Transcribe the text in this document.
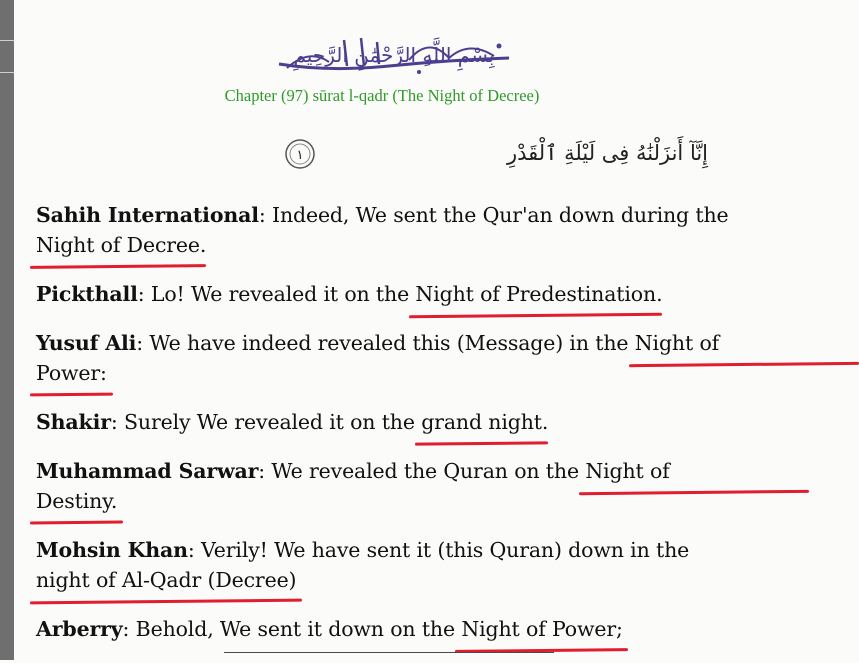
بِسْمِ اللَّهِ الرَّحْمَٰنِ الرَّحِيمِ
Chapter (97) sūrat l-qadr (The Night of Decree)
إِنَّآ أَنزَلْنَٰهُ فِى لَيْلَةِ ٱلْقَدْرِ
١
Sahih International: Indeed, We sent the Qur'an down during the
Night of Decree.
Pickthall: Lo! We revealed it on the Night of Predestination.
Yusuf Ali: We have indeed revealed this (Message) in the Night of
Power:
Shakir: Surely We revealed it on the grand night.
Muhammad Sarwar: We revealed the Quran on the Night of
Destiny.
Mohsin Khan: Verily! We have sent it (this Quran) down in the
night of Al-Qadr (Decree)
Arberry: Behold, We sent it down on the Night of Power;
